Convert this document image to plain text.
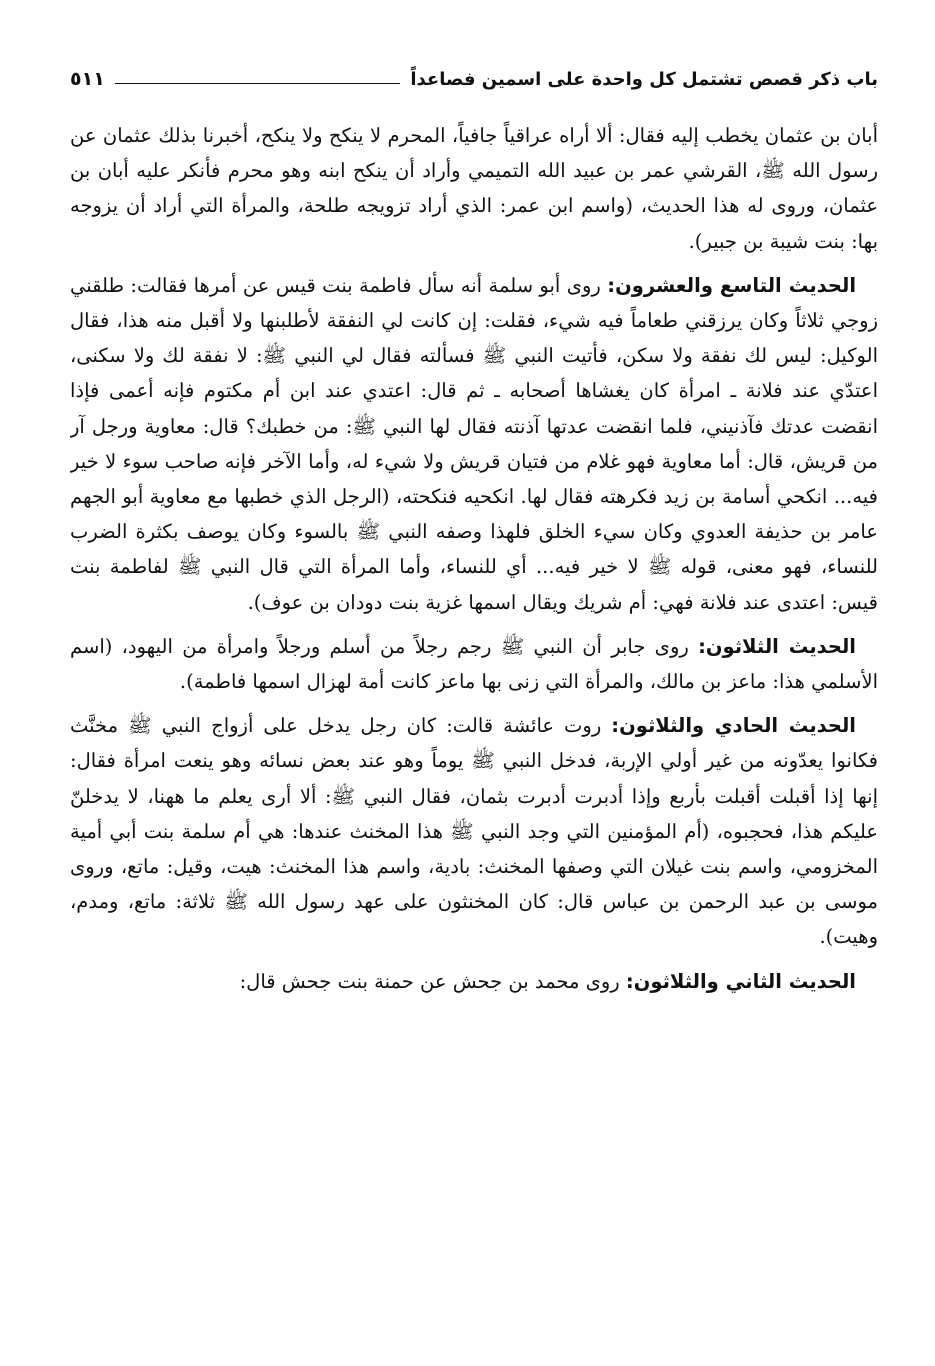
باب ذكر قصص تشتمل كل واحدة على اسمين فصاعداً
٥١١

أبان بن عثمان يخطب إليه فقال: ألا أراه عراقياً جافياً، المحرم لا ينكح ولا ينكح، أخبرنا بذلك عثمان عن رسول الله ﷺ، القرشي عمر بن عبيد الله التميمي وأراد أن ينكح ابنه وهو محرم فأنكر عليه أبان بن عثمان، وروى له هذا الحديث، (واسم ابن عمر: الذي أراد تزويجه طلحة، والمرأة التي أراد أن يزوجه بها: بنت شيبة بن جبير).

الحديث التاسع والعشرون: روى أبو سلمة أنه سأل فاطمة بنت قيس عن أمرها فقالت: طلقني زوجي ثلاثاً وكان يرزقني طعاماً فيه شيء، فقلت: إن كانت لي النفقة لأطلبنها ولا أقبل منه هذا، فقال الوكيل: ليس لك نفقة ولا سكن، فأتيت النبي ﷺ فسألته فقال لي النبي ﷺ: لا نفقة لك ولا سكنى، اعتدّي عند فلانة ـ امرأة كان يغشاها أصحابه ـ ثم قال: اعتدي عند ابن أم مكتوم فإنه أعمى فإذا انقضت عدتك فآذنيني، فلما انقضت عدتها آذنته فقال لها النبي ﷺ: من خطبك؟ قال: معاوية ورجل آر من قريش، قال: أما معاوية فهو غلام من فتيان قريش ولا شيء له، وأما الآخر فإنه صاحب سوء لا خير فيه... انكحي أسامة بن زيد فكرهته فقال لها. انكحيه فنكحته، (الرجل الذي خطبها مع معاوية أبو الجهم عامر بن حذيفة العدوي وكان سيء الخلق فلهذا وصفه النبي ﷺ بالسوء وكان يوصف بكثرة الضرب للنساء، فهو معنى، قوله ﷺ لا خير فيه... أي للنساء، وأما المرأة التي قال النبي ﷺ لفاطمة بنت قيس: اعتدى عند فلانة فهي: أم شريك ويقال اسمها غزية بنت دودان بن عوف).

الحديث الثلاثون: روى جابر أن النبي ﷺ رجم رجلاً من أسلم ورجلاً وامرأة من اليهود، (اسم الأسلمي هذا: ماعز بن مالك، والمرأة التي زنى بها ماعز كانت أمة لهزال اسمها فاطمة).

الحديث الحادي والثلاثون: روت عائشة قالت: كان رجل يدخل على أزواج النبي ﷺ مخنَّث فكانوا يعدّونه من غير أولي الإربة، فدخل النبي ﷺ يوماً وهو عند بعض نسائه وهو ينعت امرأة فقال: إنها إذا أقبلت أقبلت بأربع وإذا أدبرت أدبرت بثمان، فقال النبي ﷺ: ألا أرى يعلم ما ههنا، لا يدخلنّ عليكم هذا، فحجبوه، (أم المؤمنين التي وجد النبي ﷺ هذا المخنث عندها: هي أم سلمة بنت أبي أمية المخزومي، واسم بنت غيلان التي وصفها المخنث: بادية، واسم هذا المخنث: هيت، وقيل: ماتع، وروى موسى بن عبد الرحمن بن عباس قال: كان المخنثون على عهد رسول الله ﷺ ثلاثة: ماتع، ومدم، وهيت).

الحديث الثاني والثلاثون: روى محمد بن جحش عن حمنة بنت جحش قال:
